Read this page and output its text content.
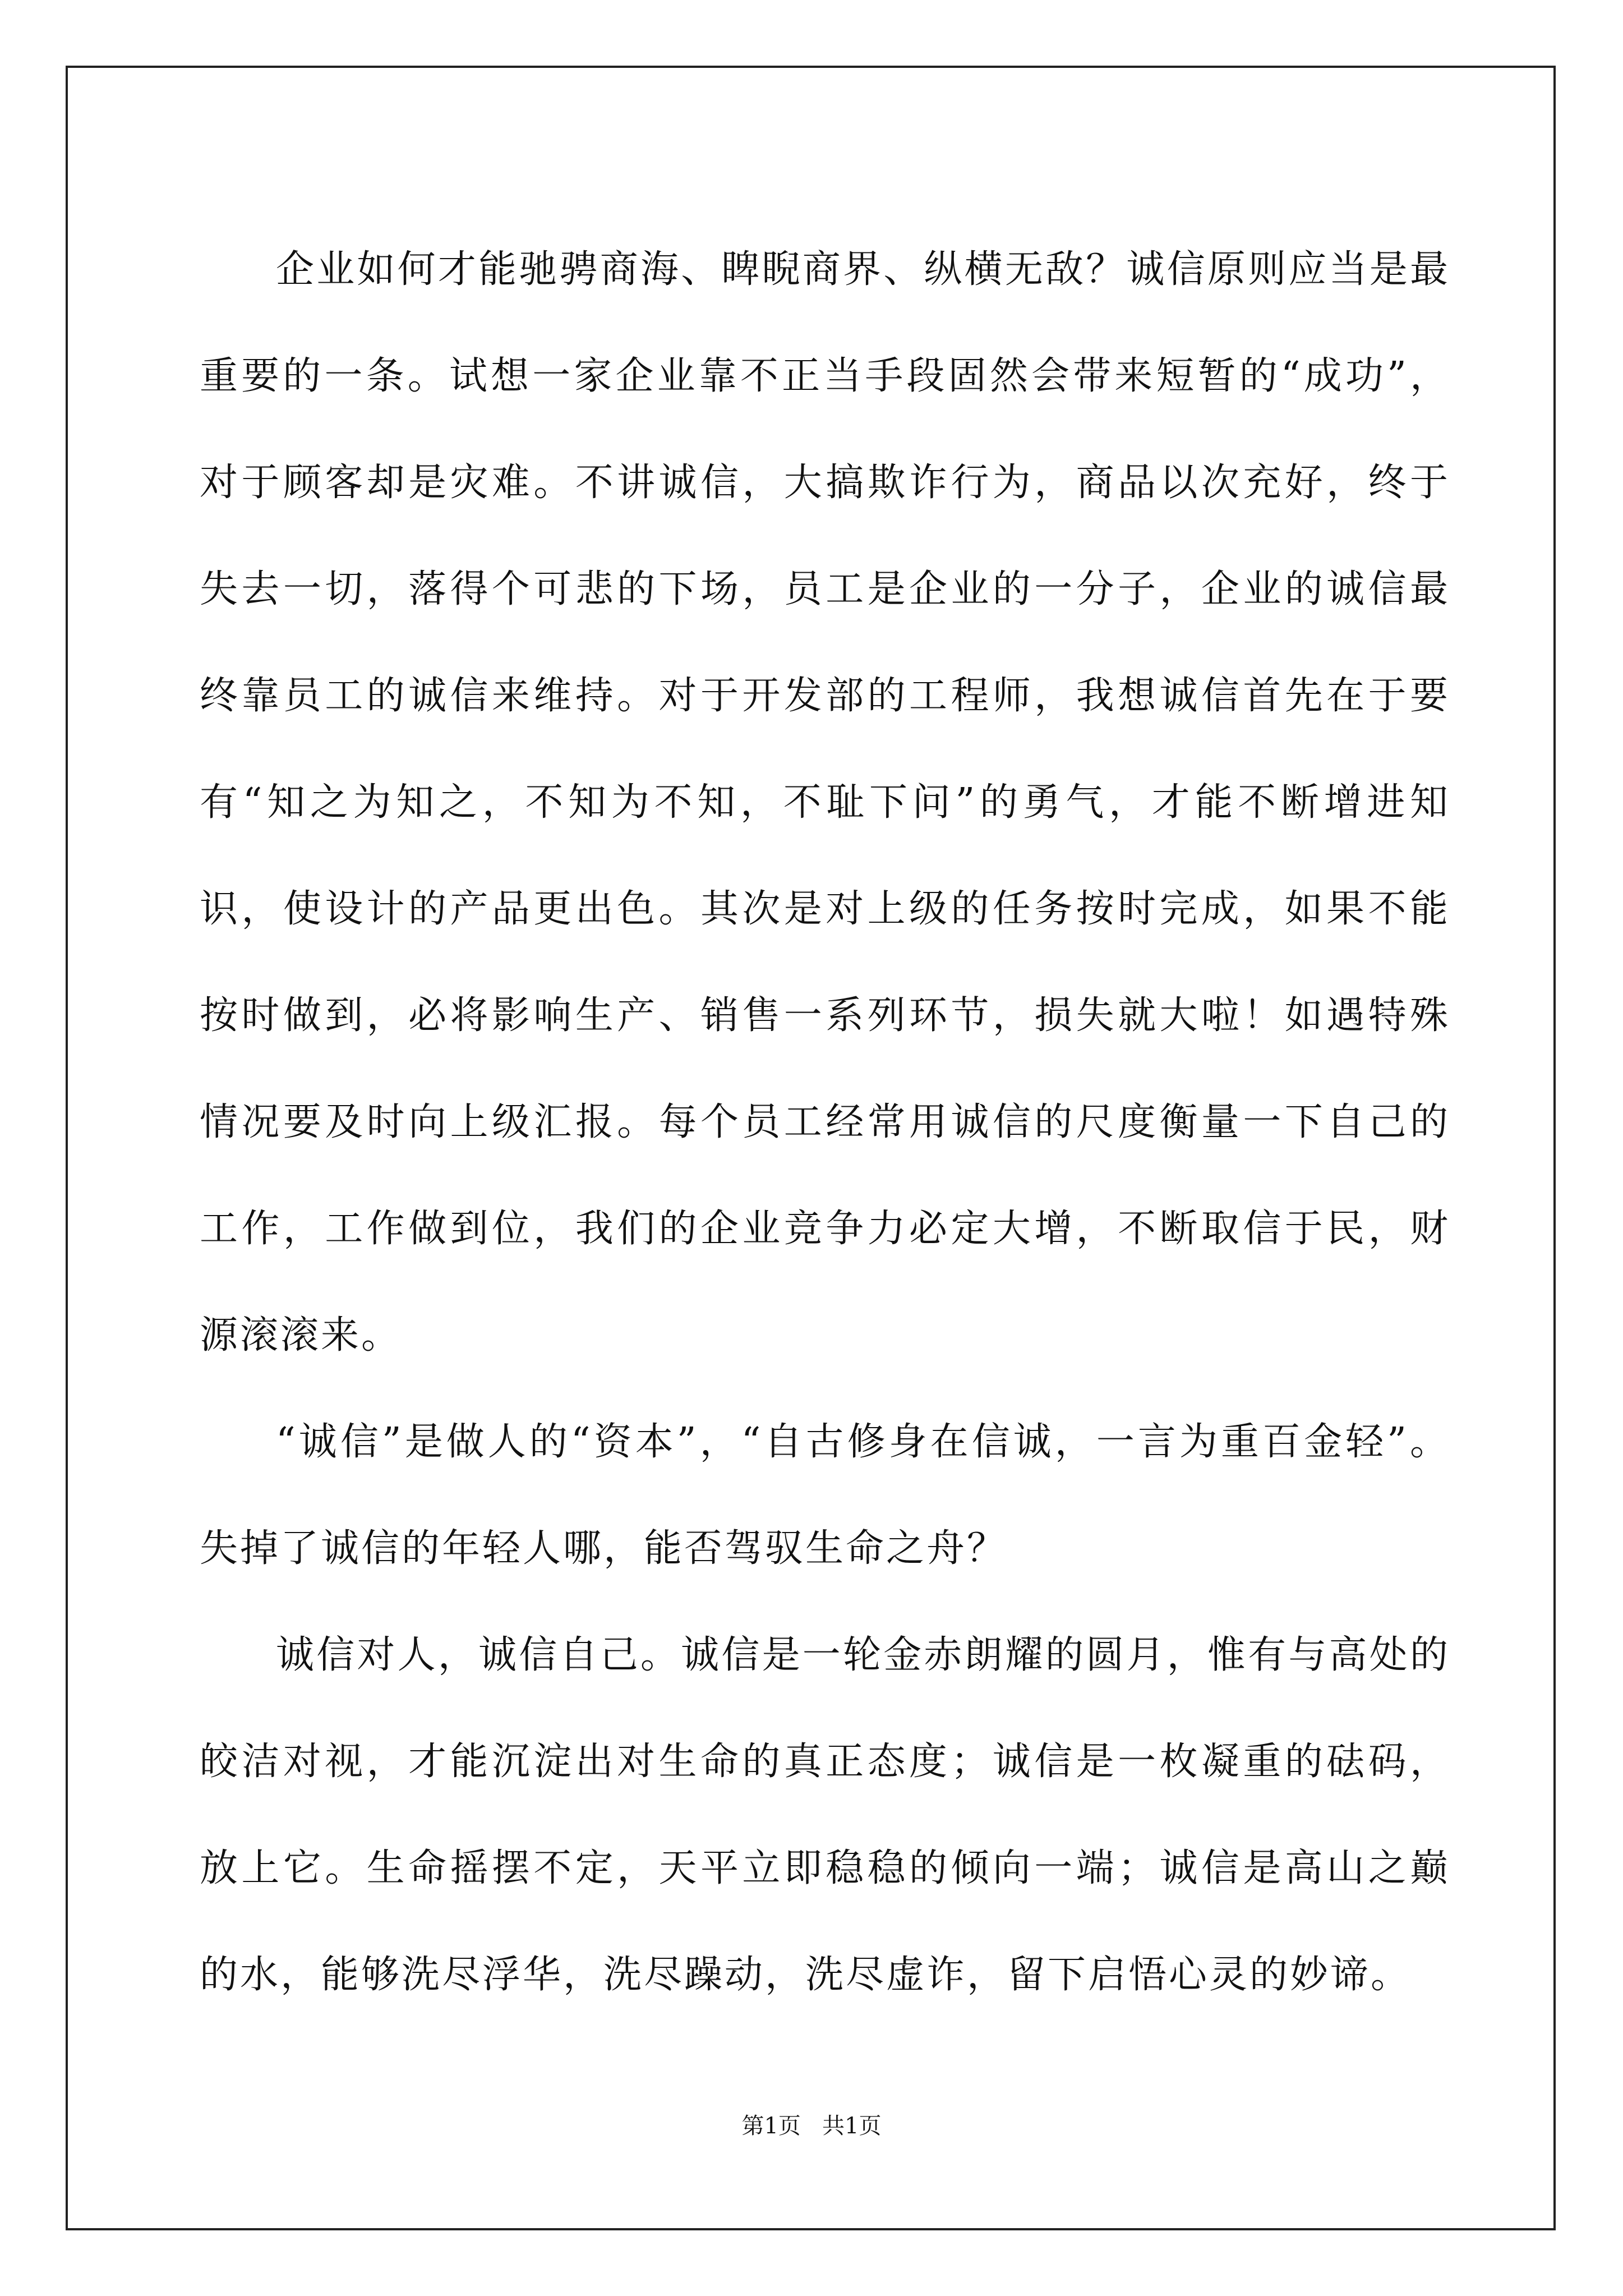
企业如何才能驰骋商海、睥睨商界、纵横无敌？诚信原则应当是最重要的一条。试想一家企业靠不正当手段固然会带来短暂的“成功”，对于顾客却是灾难。不讲诚信，大搞欺诈行为，商品以次充好，终于失去一切，落得个可悲的下场，员工是企业的一分子，企业的诚信最终靠员工的诚信来维持。对于开发部的工程师，我想诚信首先在于要有“知之为知之，不知为不知，不耻下问”的勇气，才能不断增进知识，使设计的产品更出色。其次是对上级的任务按时完成，如果不能按时做到，必将影响生产、销售一系列环节，损失就大啦！如遇特殊情况要及时向上级汇报。每个员工经常用诚信的尺度衡量一下自己的工作，工作做到位，我们的企业竞争力必定大增，不断取信于民，财源滚滚来。

“诚信”是做人的“资本”，“自古修身在信诚，一言为重百金轻”。失掉了诚信的年轻人哪，能否驾驭生命之舟？

诚信对人，诚信自己。诚信是一轮金赤朗耀的圆月，惟有与高处的皎洁对视，才能沉淀出对生命的真正态度；诚信是一枚凝重的砝码，放上它。生命摇摆不定，天平立即稳稳的倾向一端；诚信是高山之巅的水，能够洗尽浮华，洗尽躁动，洗尽虚诈，留下启悟心灵的妙谛。

第1页   共1页
